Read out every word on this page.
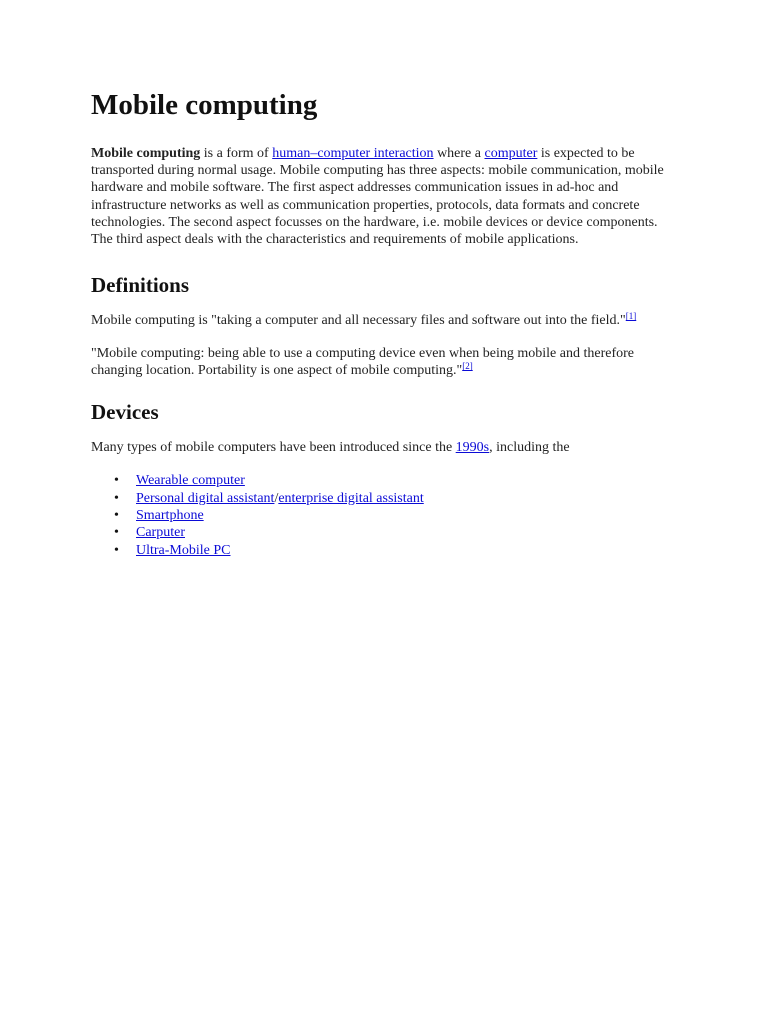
Mobile computing

Mobile computing is a form of human–computer interaction where a computer is expected to be transported during normal usage. Mobile computing has three aspects: mobile communication, mobile hardware and mobile software. The first aspect addresses communication issues in ad-hoc and infrastructure networks as well as communication properties, protocols, data formats and concrete technologies. The second aspect focusses on the hardware, i.e. mobile devices or device components. The third aspect deals with the characteristics and requirements of mobile applications.

Definitions

Mobile computing is "taking a computer and all necessary files and software out into the field."[1]

"Mobile computing: being able to use a computing device even when being mobile and therefore changing location. Portability is one aspect of mobile computing."[2]

Devices

Many types of mobile computers have been introduced since the 1990s, including the

• Wearable computer
• Personal digital assistant/enterprise digital assistant
• Smartphone
• Carputer
• Ultra-Mobile PC
